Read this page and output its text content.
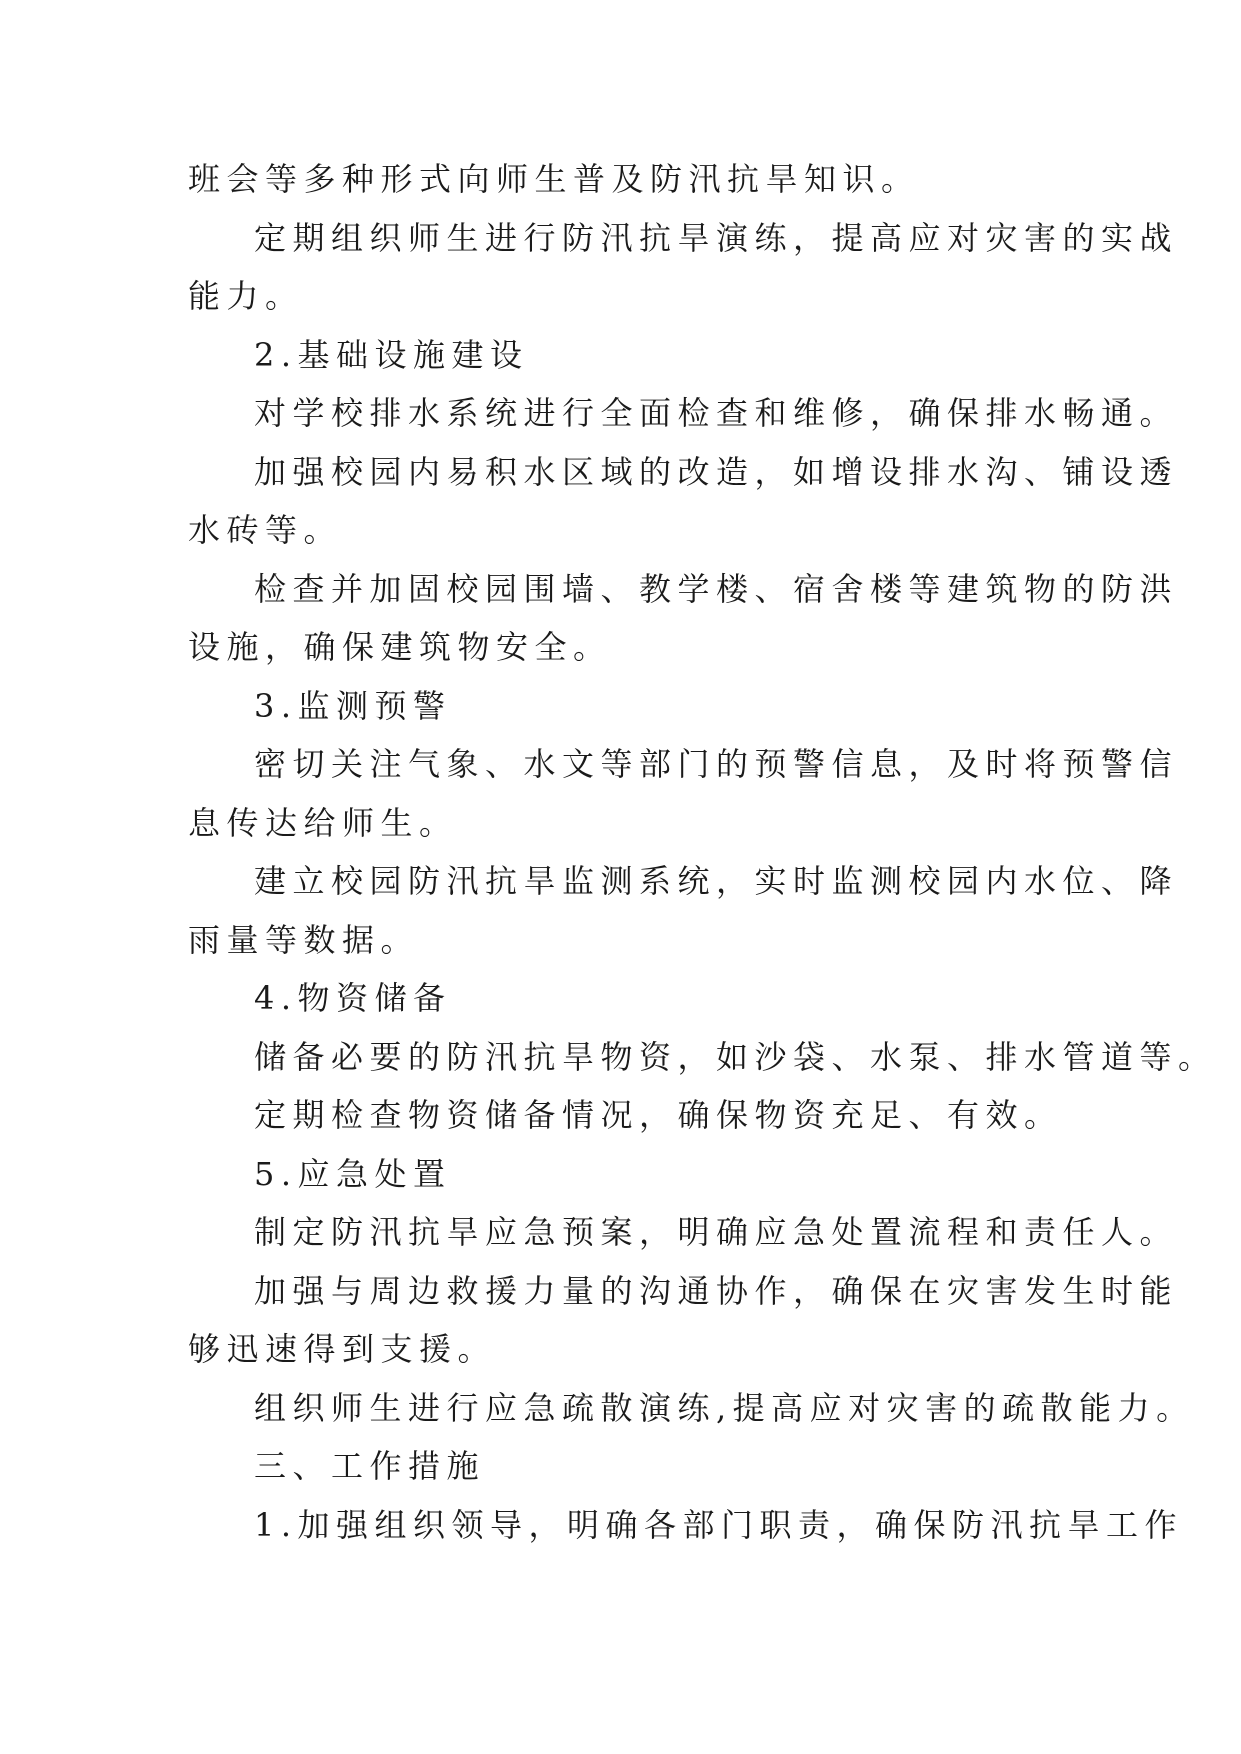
班会等多种形式向师生普及防汛抗旱知识。
定期组织师生进行防汛抗旱演练，提高应对灾害的实战
能力。
2.基础设施建设
对学校排水系统进行全面检查和维修，确保排水畅通。
加强校园内易积水区域的改造，如增设排水沟、铺设透
水砖等。
检查并加固校园围墙、教学楼、宿舍楼等建筑物的防洪
设施，确保建筑物安全。
3.监测预警
密切关注气象、水文等部门的预警信息，及时将预警信
息传达给师生。
建立校园防汛抗旱监测系统，实时监测校园内水位、降
雨量等数据。
4.物资储备
储备必要的防汛抗旱物资，如沙袋、水泵、排水管道等。
定期检查物资储备情况，确保物资充足、有效。
5.应急处置
制定防汛抗旱应急预案，明确应急处置流程和责任人。
加强与周边救援力量的沟通协作，确保在灾害发生时能
够迅速得到支援。
组织师生进行应急疏散演练,提高应对灾害的疏散能力。
三、工作措施
1.加强组织领导，明确各部门职责，确保防汛抗旱工作
